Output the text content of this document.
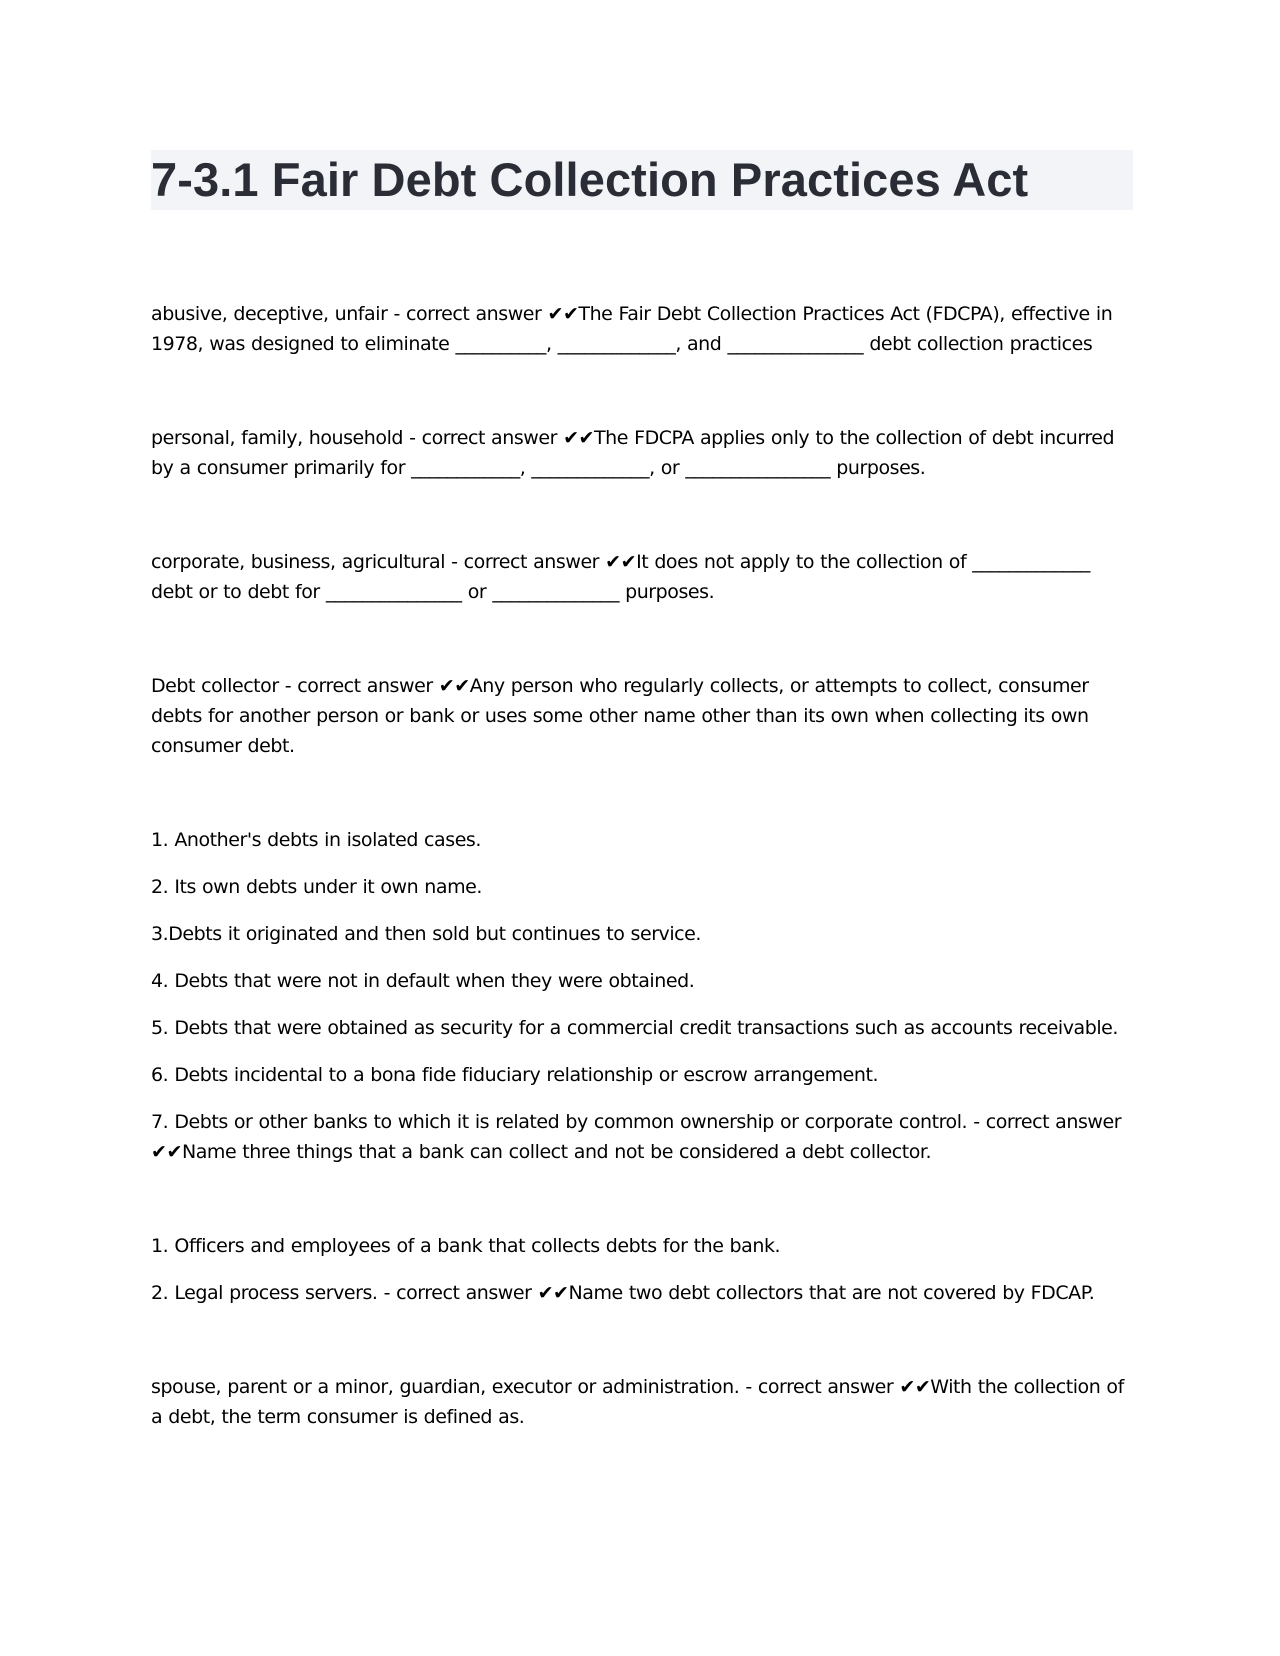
7-3.1 Fair Debt Collection Practices Act

abusive, deceptive, unfair - correct answer ✔✔The Fair Debt Collection Practices Act (FDCPA), effective in 1978, was designed to eliminate __________, _____________, and _______________ debt collection practices

personal, family, household - correct answer ✔✔The FDCPA applies only to the collection of debt incurred by a consumer primarily for ____________, _____________, or ________________ purposes.

corporate, business, agricultural - correct answer ✔✔It does not apply to the collection of _____________ debt or to debt for _______________ or ______________ purposes.

Debt collector - correct answer ✔✔Any person who regularly collects, or attempts to collect, consumer debts for another person or bank or uses some other name other than its own when collecting its own consumer debt.

1. Another's debts in isolated cases.

2. Its own debts under it own name.

3.Debts it originated and then sold but continues to service.

4. Debts that were not in default when they were obtained.

5. Debts that were obtained as security for a commercial credit transactions such as accounts receivable.

6. Debts incidental to a bona fide fiduciary relationship or escrow arrangement.

7. Debts or other banks to which it is related by common ownership or corporate control. - correct answer ✔✔Name three things that a bank can collect and not be considered a debt collector.

1. Officers and employees of a bank that collects debts for the bank.

2. Legal process servers. - correct answer ✔✔Name two debt collectors that are not covered by FDCAP.

spouse, parent or a minor, guardian, executor or administration. - correct answer ✔✔With the collection of a debt, the term consumer is defined as.
